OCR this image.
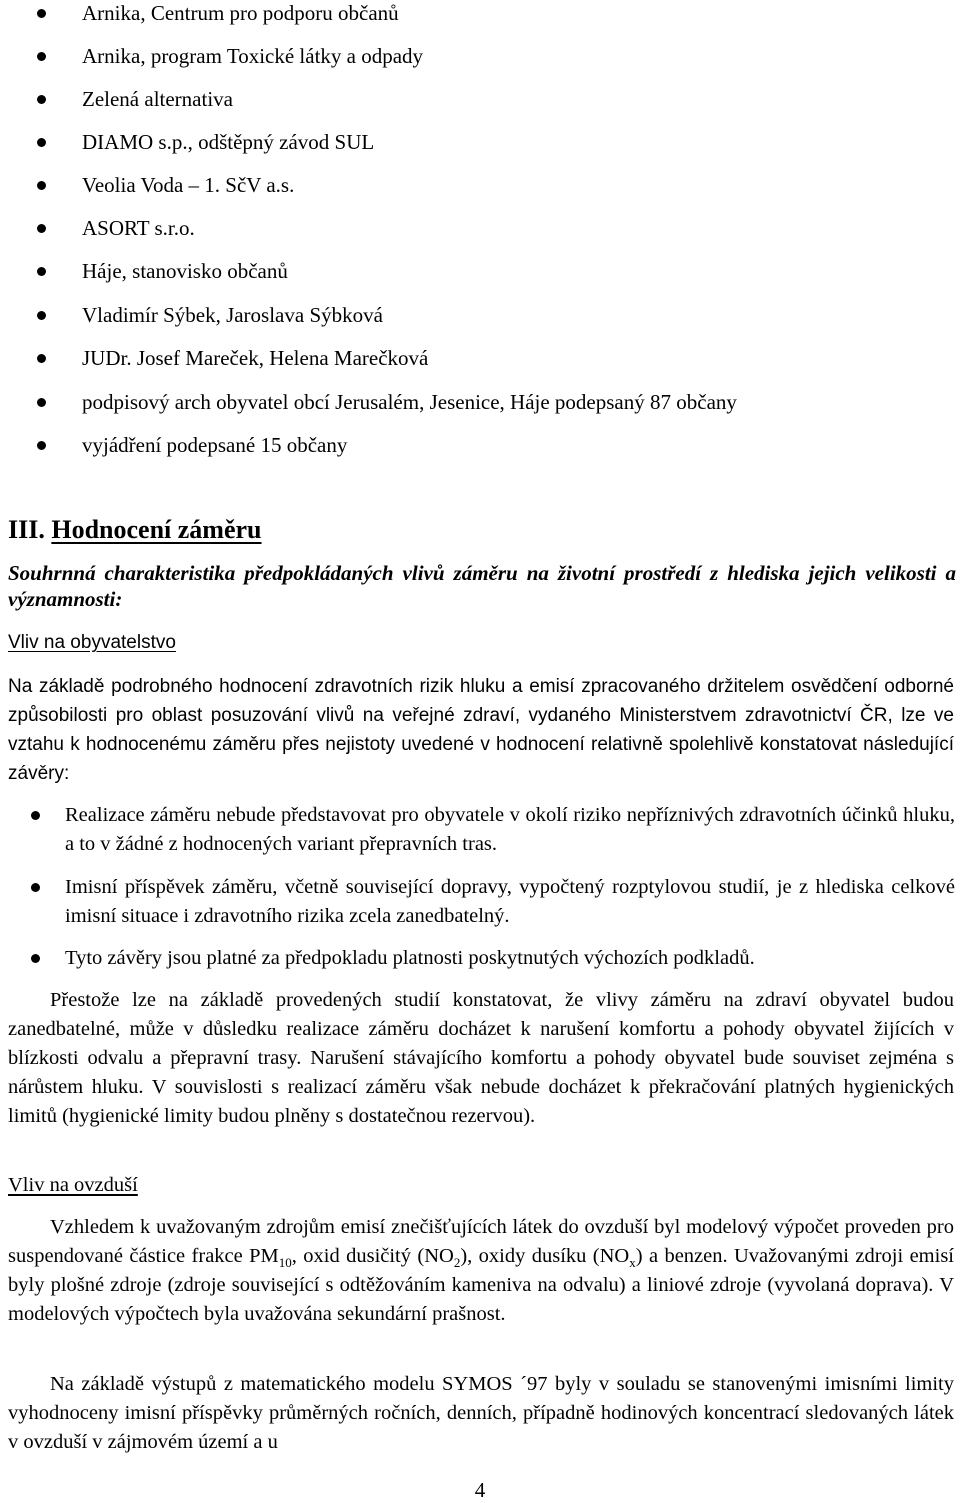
Arnika, Centrum pro podporu občanů
Arnika, program Toxické látky a odpady
Zelená alternativa
DIAMO s.p., odštěpný závod SUL
Veolia Voda – 1. SčV a.s.
ASORT s.r.o.
Háje, stanovisko občanů
Vladimír Sýbek, Jaroslava Sýbková
JUDr. Josef Mareček, Helena Marečková
podpisový arch obyvatel obcí Jerusalém, Jesenice, Háje podepsaný 87 občany
vyjádření podepsané 15 občany
III. Hodnocení záměru
Souhrnná charakteristika předpokládaných vlivů záměru na životní prostředí z hlediska jejich velikosti a významnosti:
Vliv na obyvatelstvo

Na základě podrobného hodnocení zdravotních rizik hluku a emisí zpracovaného držitelem osvědčení odborné způsobilosti pro oblast posuzování vlivů na veřejné zdraví, vydaného Ministerstvem zdravotnictví ČR, lze ve vztahu k hodnocenému záměru přes nejistoty uvedené v hodnocení relativně spolehlivě konstatovat následující závěry:

Realizace záměru nebude představovat pro obyvatele v okolí riziko nepříznivých zdravotních účinků hluku, a to v žádné z hodnocených variant přepravních tras.
Imisní příspěvek záměru, včetně související dopravy, vypočtený rozptylovou studií, je z hlediska celkové imisní situace i zdravotního rizika zcela zanedbatelný.
Tyto závěry jsou platné za předpokladu platnosti poskytnutých výchozích podkladů.

Přestože lze na základě provedených studií konstatovat, že vlivy záměru na zdraví obyvatel budou zanedbatelné, může v důsledku realizace záměru docházet k narušení komfortu a pohody obyvatel žijících v blízkosti odvalu a přepravní trasy. Narušení stávajícího komfortu a pohody obyvatel bude souviset zejména s nárůstem hluku. V souvislosti s realizací záměru však nebude docházet k překračování platných hygienických limitů (hygienické limity budou plněny s dostatečnou rezervou).

Vliv na ovzduší

Vzhledem k uvažovaným zdrojům emisí znečišťujících látek do ovzduší byl modelový výpočet proveden pro suspendované částice frakce $PM_{10}$, oxid dusičitý $(NO_2)$, oxidy dusíku $(NO_x)$ a benzen. Uvažovanými zdroji emisí byly plošné zdroje (zdroje související s odtěžováním kameniva na odvalu) a liniové zdroje (vyvolaná doprava). V modelových výpočtech byla uvažována sekundární prašnost.

Na základě výstupů z matematického modelu SYMOS ´97 byly v souladu se stanovenými imisními limity vyhodnoceny imisní příspěvky průměrných ročních, denních, případně hodinových koncentrací sledovaných látek v ovzduší v zájmovém území a u

4
